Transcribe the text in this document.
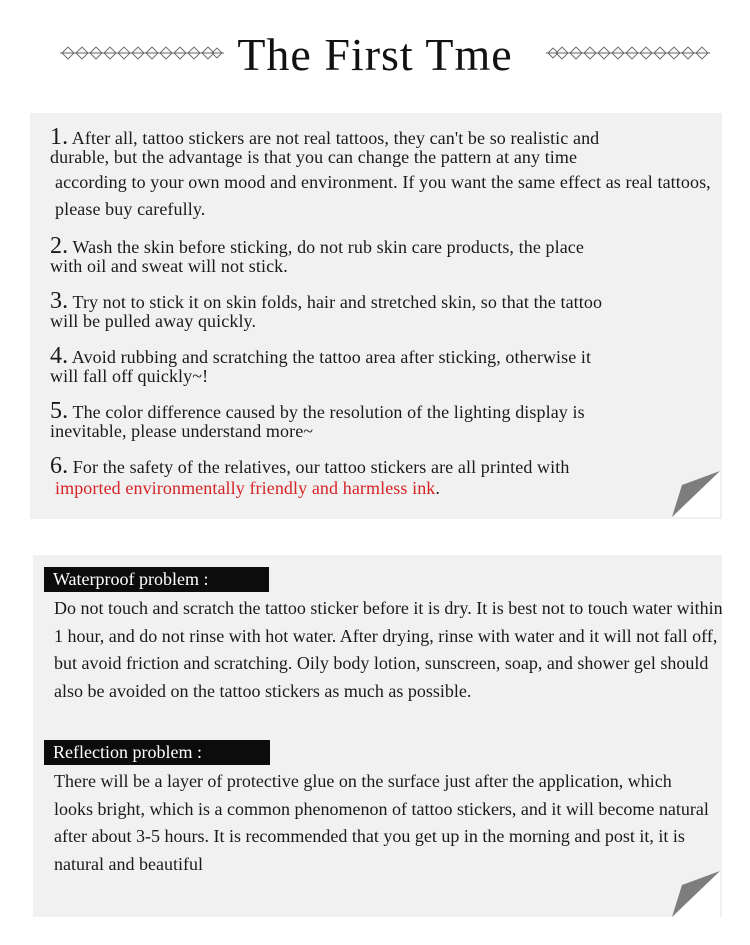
The First Tme
1. After all, tattoo stickers are not real tattoos, they can't be so realistic and
durable, but the advantage is that you can change the pattern at any time
according to your own mood and environment. If you want the same effect as real tattoos, please buy carefully.
2. Wash the skin before sticking, do not rub skin care products, the place
with oil and sweat will not stick.
3. Try not to stick it on skin folds, hair and stretched skin, so that the tattoo
will be pulled away quickly.
4. Avoid rubbing and scratching the tattoo area after sticking, otherwise it
will fall off quickly~!
5. The color difference caused by the resolution of the lighting display is
inevitable, please understand more~
6. For the safety of the relatives, our tattoo stickers are all printed with
imported environmentally friendly and harmless ink.
Waterproof problem :
Do not touch and scratch the tattoo sticker before it is dry. It is best not to touch water within 1 hour, and do not rinse with hot water. After drying, rinse with water and it will not fall off, but avoid friction and scratching. Oily body lotion, sunscreen, soap, and shower gel should also be avoided on the tattoo stickers as much as possible.
Reflection problem :
There will be a layer of protective glue on the surface just after the application, which looks bright, which is a common phenomenon of tattoo stickers, and it will become natural after about 3-5 hours. It is recommended that you get up in the morning and post it, it is natural and beautiful
